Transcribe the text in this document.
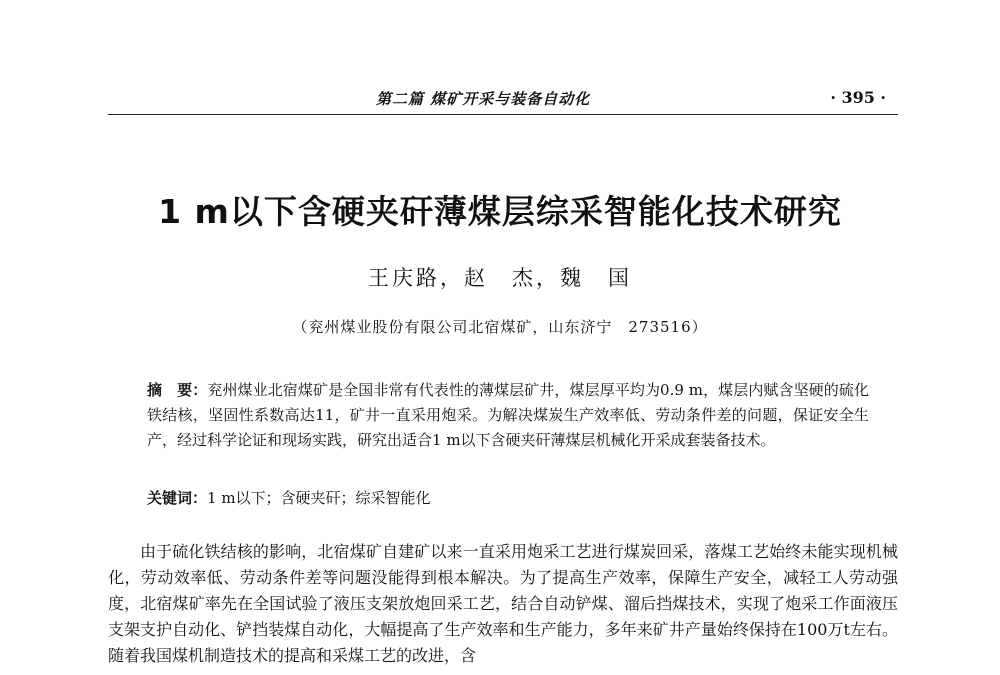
第二篇 煤矿开采与装备自动化	· 395 ·
1 m以下含硬夹矸薄煤层综采智能化技术研究
王庆路，赵　杰，魏　国
（兖州煤业股份有限公司北宿煤矿，山东济宁　273516）
摘　要：兖州煤业北宿煤矿是全国非常有代表性的薄煤层矿井，煤层厚平均为0.9 m，煤层内赋含坚硬的硫化铁结核，坚固性系数高达11，矿井一直采用炮采。为解决煤炭生产效率低、劳动条件差的问题，保证安全生产，经过科学论证和现场实践，研究出适合1 m以下含硬夹矸薄煤层机械化开采成套装备技术。
关键词：1 m以下；含硬夹矸；综采智能化
由于硫化铁结核的影响，北宿煤矿自建矿以来一直采用炮采工艺进行煤炭回采，落煤工艺始终未能实现机械化，劳动效率低、劳动条件差等问题没能得到根本解决。为了提高生产效率，保障生产安全，减轻工人劳动强度，北宿煤矿率先在全国试验了液压支架放炮回采工艺，结合自动铲煤、溜后挡煤技术，实现了炮采工作面液压支架支护自动化、铲挡装煤自动化，大幅提高了生产效率和生产能力，多年来矿井产量始终保持在100万t左右。随着我国煤机制造技术的提高和采煤工艺的改进，含
